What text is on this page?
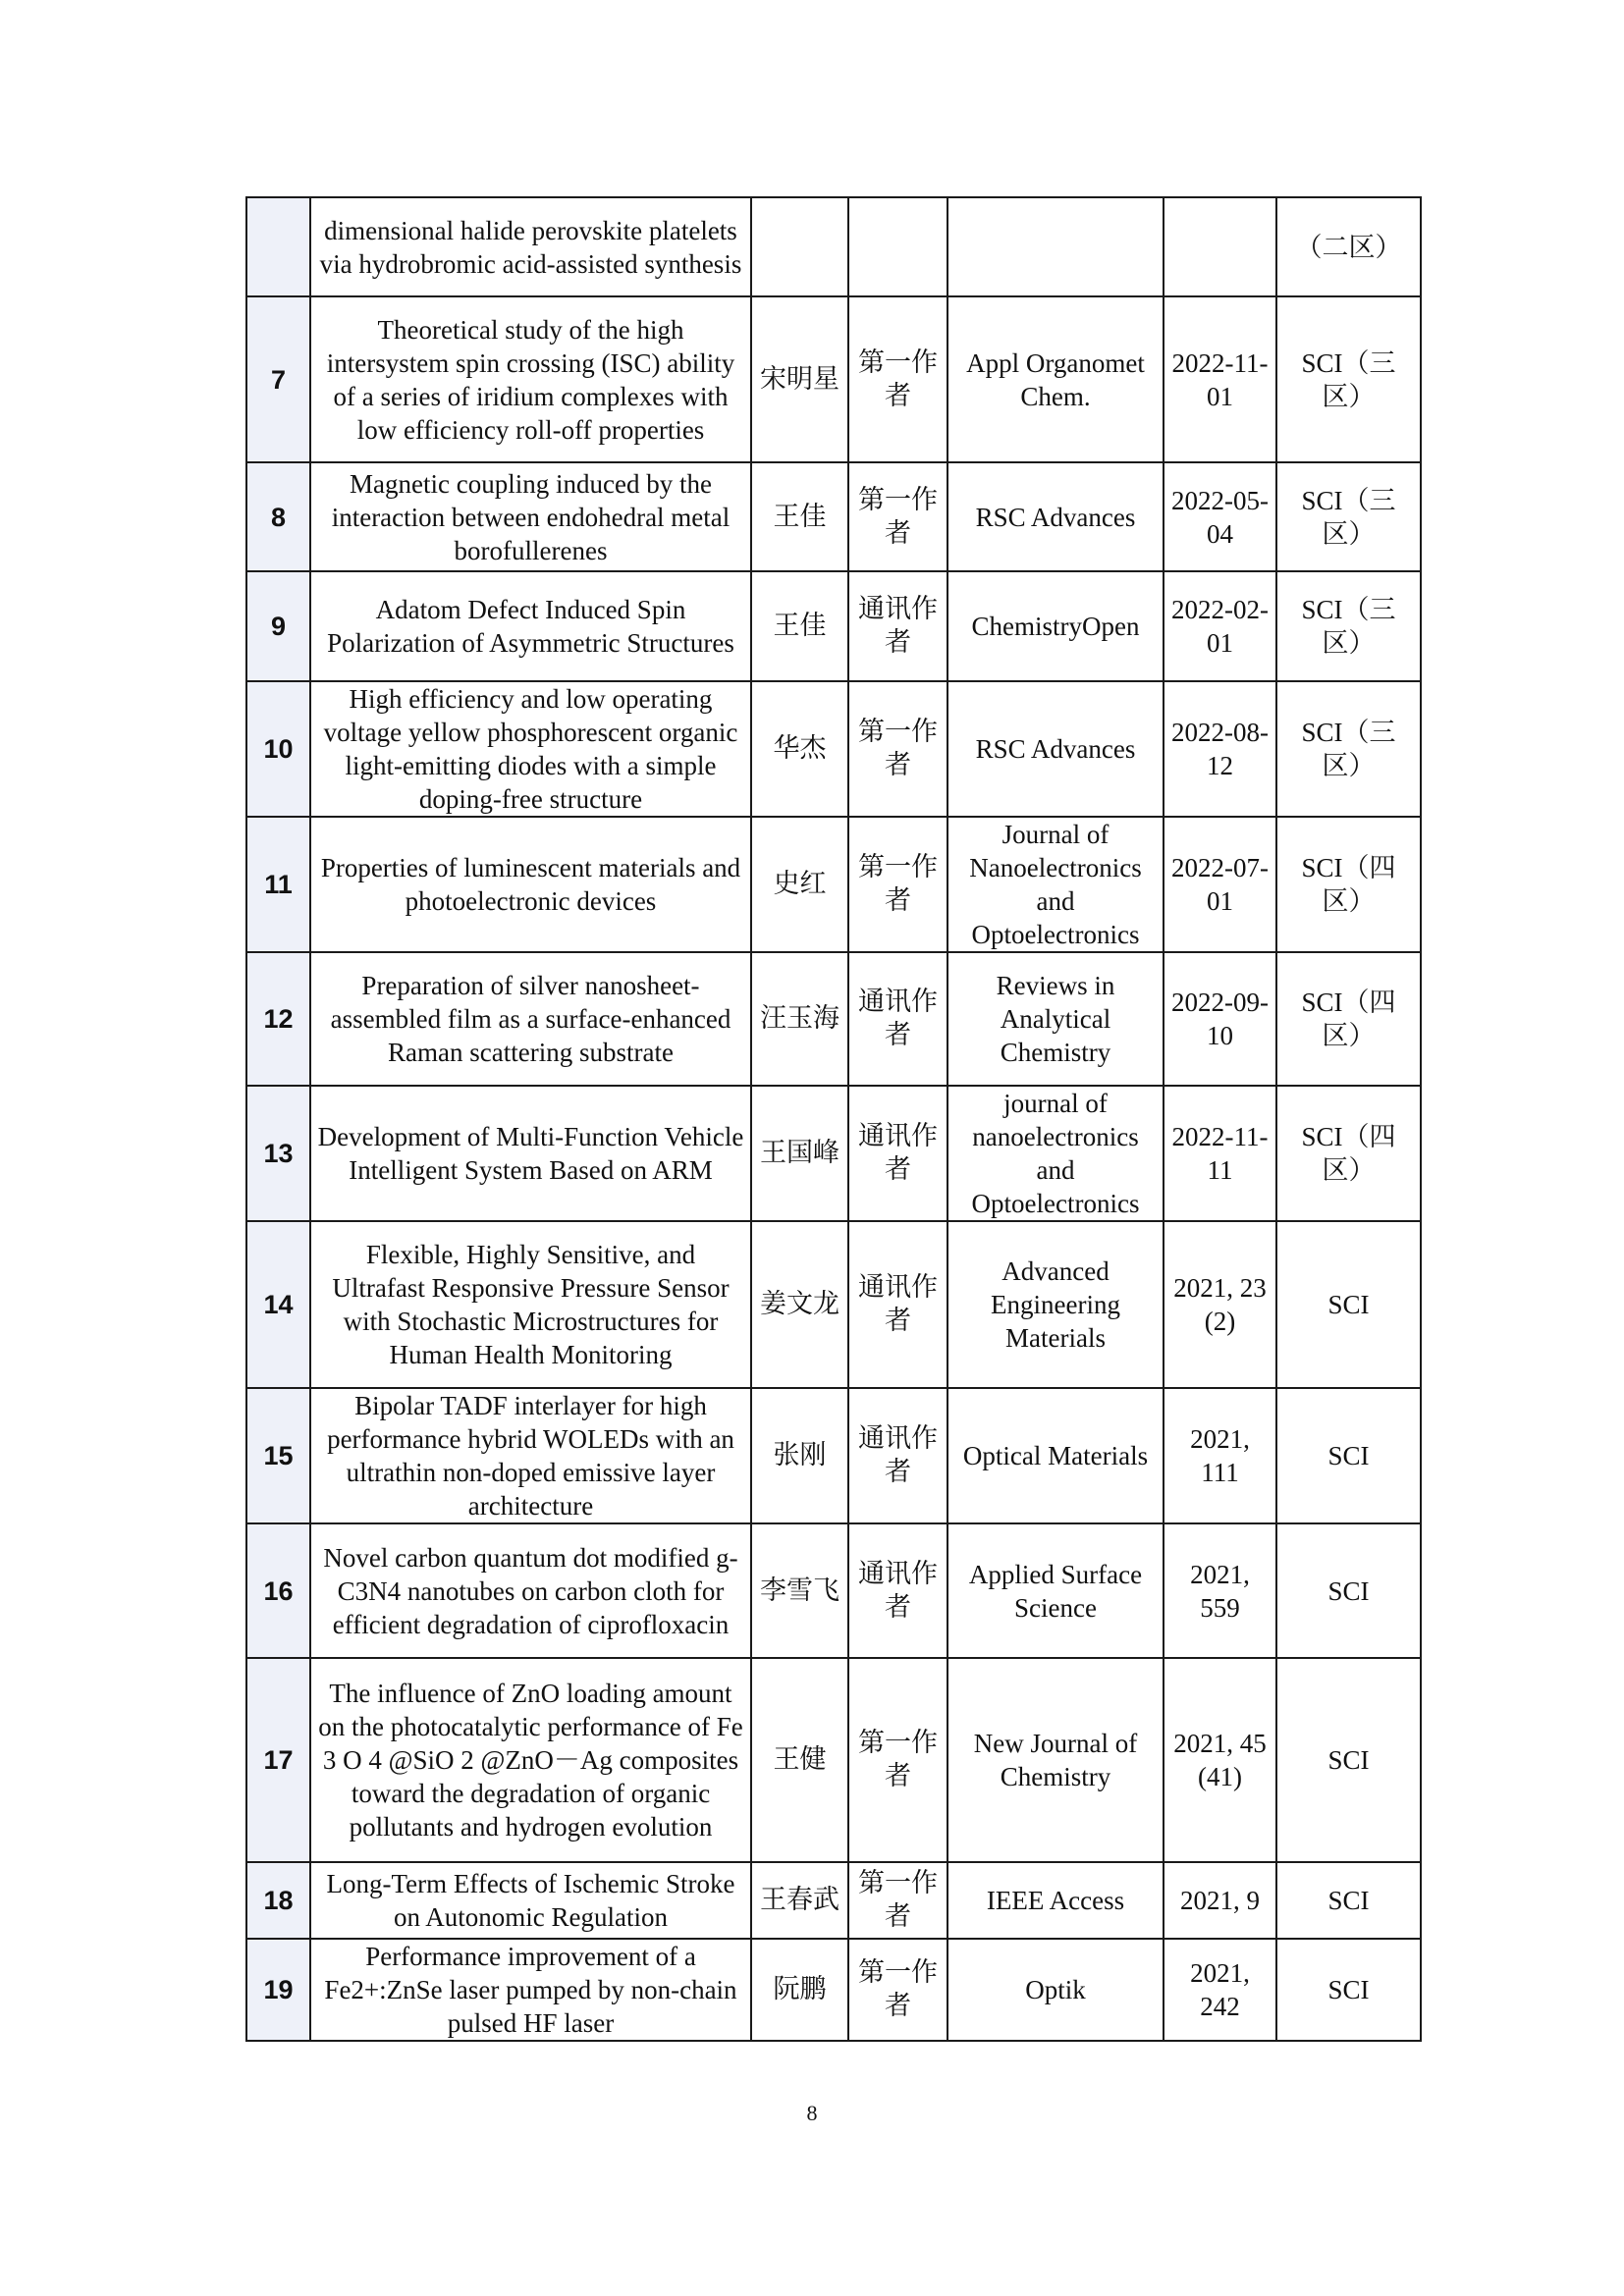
	dimensional halide perovskite platelets via hydrobromic acid-assisted synthesis					（二区）
7	Theoretical study of the high intersystem spin crossing (ISC) ability of a series of iridium complexes with low efficiency roll-off properties	宋明星	第一作者	Appl Organomet Chem.	2022-11-01	SCI（三区）
8	Magnetic coupling induced by the interaction between endohedral metal borofullerenes	王佳	第一作者	RSC Advances	2022-05-04	SCI（三区）
9	Adatom Defect Induced Spin Polarization of Asymmetric Structures	王佳	通讯作者	ChemistryOpen	2022-02-01	SCI（三区）
10	High efficiency and low operating voltage yellow phosphorescent organic light-emitting diodes with a simple doping-free structure	华杰	第一作者	RSC Advances	2022-08-12	SCI（三区）
11	Properties of luminescent materials and photoelectronic devices	史红	第一作者	Journal of Nanoelectronics and Optoelectronics	2022-07-01	SCI（四区）
12	Preparation of silver nanosheet-assembled film as a surface-enhanced Raman scattering substrate	汪玉海	通讯作者	Reviews in Analytical Chemistry	2022-09-10	SCI（四区）
13	Development of Multi-Function Vehicle Intelligent System Based on ARM	王国峰	通讯作者	journal of nanoelectronics and Optoelectronics	2022-11-11	SCI（四区）
14	Flexible, Highly Sensitive, and Ultrafast Responsive Pressure Sensor with Stochastic Microstructures for Human Health Monitoring	姜文龙	通讯作者	Advanced Engineering Materials	2021, 23 (2)	SCI
15	Bipolar TADF interlayer for high performance hybrid WOLEDs with an ultrathin non-doped emissive layer architecture	张刚	通讯作者	Optical Materials	2021, 111	SCI
16	Novel carbon quantum dot modified g-C3N4 nanotubes on carbon cloth for efficient degradation of ciprofloxacin	李雪飞	通讯作者	Applied Surface Science	2021, 559	SCI
17	The influence of ZnO loading amount on the photocatalytic performance of Fe 3 O 4 @SiO 2 @ZnO－Ag composites toward the degradation of organic pollutants and hydrogen evolution	王健	第一作者	New Journal of Chemistry	2021, 45 (41)	SCI
18	Long-Term Effects of Ischemic Stroke on Autonomic Regulation	王春武	第一作者	IEEE Access	2021, 9	SCI
19	Performance improvement of a Fe2+:ZnSe laser pumped by non-chain pulsed HF laser	阮鹏	第一作者	Optik	2021, 242	SCI
8
